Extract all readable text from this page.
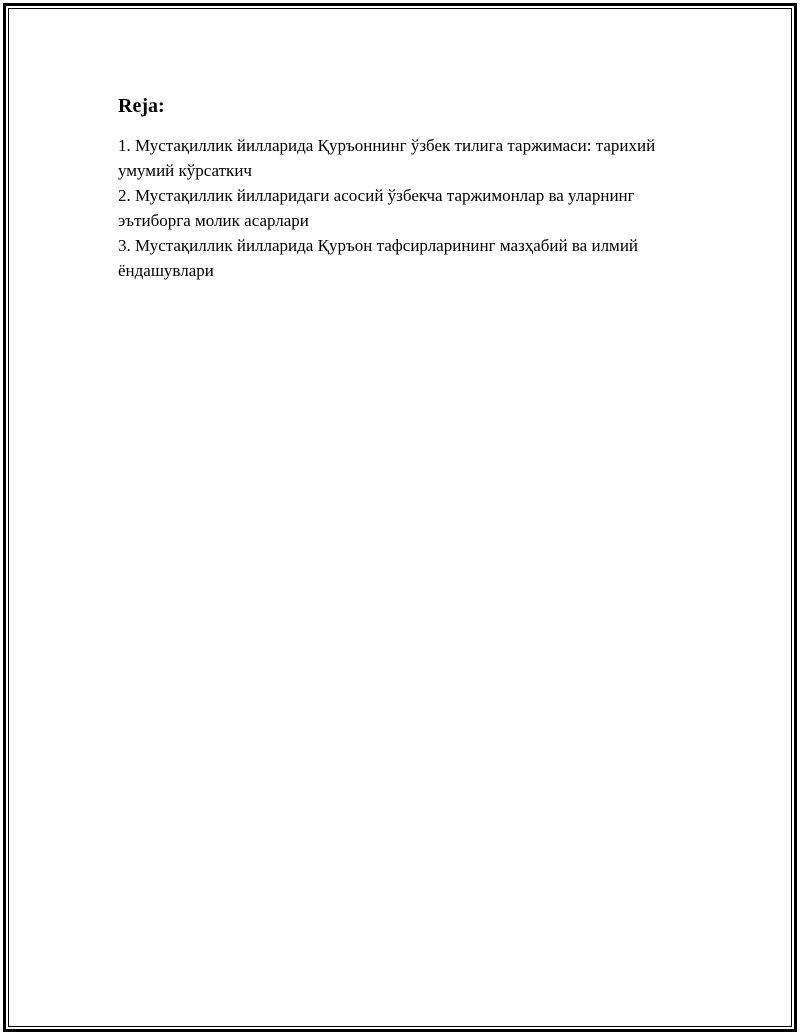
Reja:

1. Мустақиллик йилларида Қуръоннинг ўзбек тилига таржимаси: тарихий умумий кўрсаткич

2. Мустақиллик йилларидаги асосий ўзбекча таржимонлар ва уларнинг эътиборга молик асарлари

3. Мустақиллик йилларида Қуръон тафсирларининг мазҳабий ва илмий ёндашувлари
